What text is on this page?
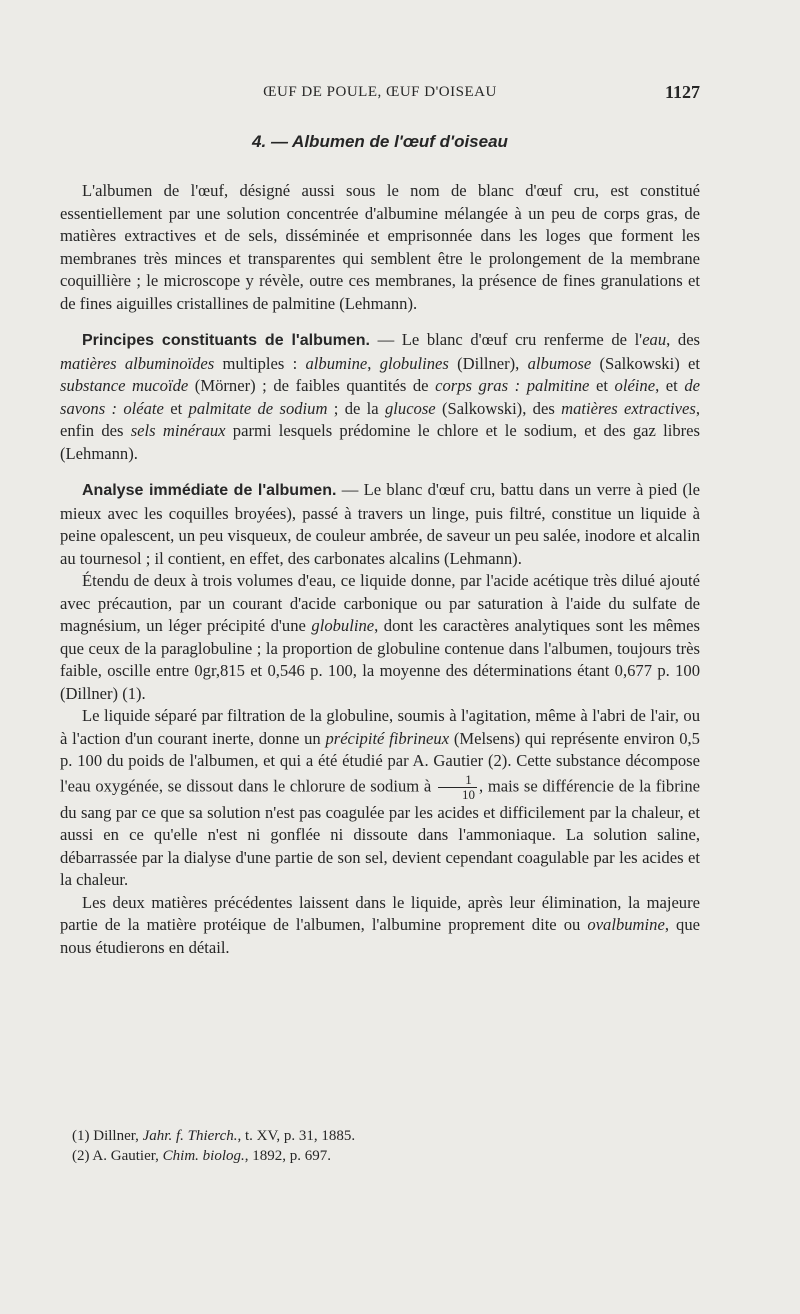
ŒUF DE POULE, ŒUF D'OISEAU	1127
4. — Albumen de l'œuf d'oiseau

L'albumen de l'œuf, désigné aussi sous le nom de blanc d'œuf cru, est constitué essentiellement par une solution concentrée d'albumine mélangée à un peu de corps gras, de matières extractives et de sels, disséminée et emprisonnée dans les loges que forment les membranes très minces et transparentes qui semblent être le prolongement de la membrane coquillière ; le microscope y révèle, outre ces membranes, la présence de fines granulations et de fines aiguilles cristallines de palmitine (Lehmann).

Principes constituants de l'albumen. — Le blanc d'œuf cru renferme de l'eau, des matières albuminoïdes multiples : albumine, globulines (Dillner), albumose (Salkowski) et substance mucoïde (Mörner) ; de faibles quantités de corps gras : palmitine et oléine, et de savons : oléate et palmitate de sodium ; de la glucose (Salkowski), des matières extractives, enfin des sels minéraux parmi lesquels prédomine le chlore et le sodium, et des gaz libres (Lehmann).

Analyse immédiate de l'albumen. — Le blanc d'œuf cru, battu dans un verre à pied (le mieux avec les coquilles broyées), passé à travers un linge, puis filtré, constitue un liquide à peine opalescent, un peu visqueux, de couleur ambrée, de saveur un peu salée, inodore et alcalin au tournesol ; il contient, en effet, des carbonates alcalins (Lehmann).

Étendu de deux à trois volumes d'eau, ce liquide donne, par l'acide acétique très dilué ajouté avec précaution, par un courant d'acide carbonique ou par saturation à l'aide du sulfate de magnésium, un léger précipité d'une globuline, dont les caractères analytiques sont les mêmes que ceux de la paraglobuline ; la proportion de globuline contenue dans l'albumen, toujours très faible, oscille entre 0gr,815 et 0,546 p. 100, la moyenne des déterminations étant 0,677 p. 100 (Dillner) (1).

Le liquide séparé par filtration de la globuline, soumis à l'agitation, même à l'abri de l'air, ou à l'action d'un courant inerte, donne un précipité fibrineux (Melsens) qui représente environ 0,5 p. 100 du poids de l'albumen, et qui a été étudié par A. Gautier (2). Cette substance décompose l'eau oxygénée, se dissout dans le chlorure de sodium à $\frac{1}{10}$ , mais se différencie de la fibrine du sang par ce que sa solution n'est pas coagulée par les acides et difficilement par la chaleur, et aussi en ce qu'elle n'est ni gonflée ni dissoute dans l'ammoniaque. La solution saline, débarrassée par la dialyse d'une partie de son sel, devient cependant coagulable par les acides et la chaleur.

Les deux matières précédentes laissent dans le liquide, après leur élimination, la majeure partie de la matière protéique de l'albumen, l'albumine proprement dite ou ovalbumine, que nous étudierons en détail.

(1) Dillner, Jahr. f. Thierch., t. XV, p. 31, 1885.
(2) A. Gautier, Chim. biolog., 1892, p. 697.
